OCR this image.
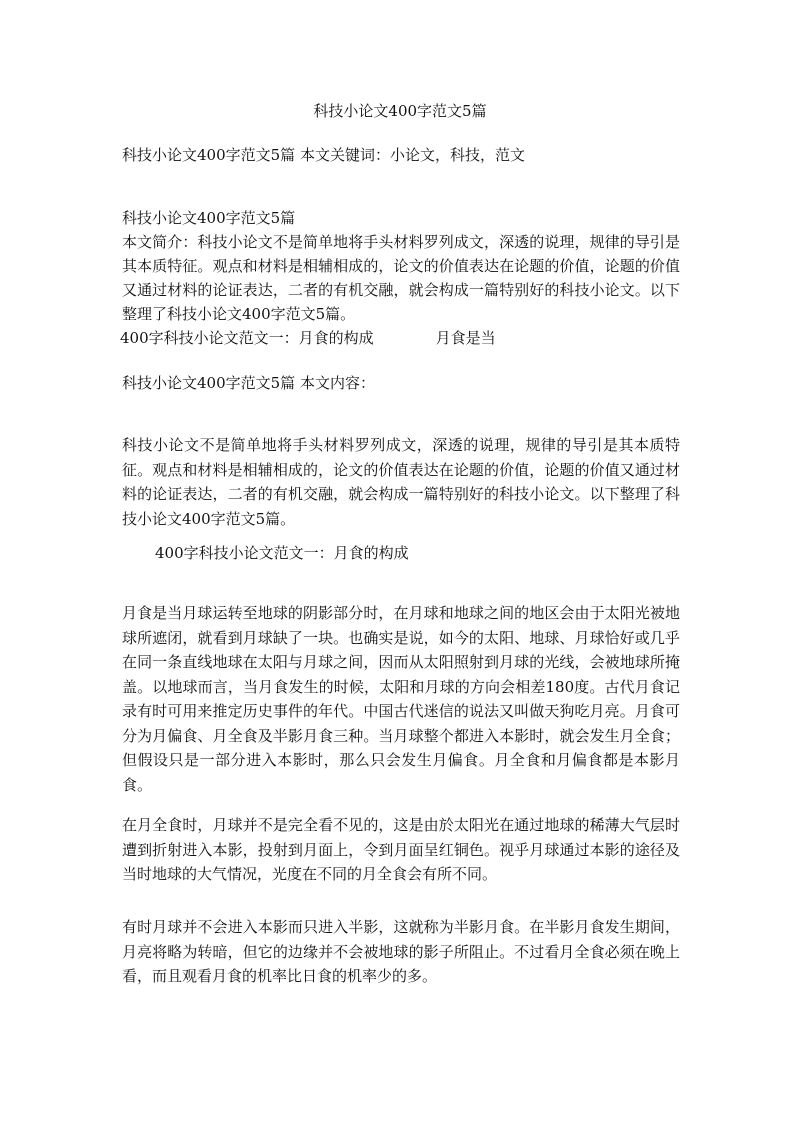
科技小论文400字范文5篇

科技小论文400字范文5篇 本文关键词：小论文，科技，范文

科技小论文400字范文5篇

本文简介：科技小论文不是简单地将手头材料罗列成文，深透的说理，规律的导引是其本质特征。观点和材料是相辅相成的，论文的价值表达在论题的价值，论题的价值又通过材料的论证表达，二者的有机交融，就会构成一篇特别好的科技小论文。以下整理了科技小论文400字范文5篇。

400字科技小论文范文一：月食的构成	月食是当

科技小论文400字范文5篇 本文内容：

科技小论文不是简单地将手头材料罗列成文，深透的说理，规律的导引是其本质特征。观点和材料是相辅相成的，论文的价值表达在论题的价值，论题的价值又通过材料的论证表达，二者的有机交融，就会构成一篇特别好的科技小论文。以下整理了科技小论文400字范文5篇。

400字科技小论文范文一：月食的构成

月食是当月球运转至地球的阴影部分时，在月球和地球之间的地区会由于太阳光被地球所遮闭，就看到月球缺了一块。也确实是说，如今的太阳、地球、月球恰好或几乎在同一条直线地球在太阳与月球之间，因而从太阳照射到月球的光线，会被地球所掩盖。以地球而言，当月食发生的时候，太阳和月球的方向会相差180度。古代月食记录有时可用来推定历史事件的年代。中国古代迷信的说法又叫做天狗吃月亮。月食可分为月偏食、月全食及半影月食三种。当月球整个都进入本影时，就会发生月全食；但假设只是一部分进入本影时，那么只会发生月偏食。月全食和月偏食都是本影月食。

在月全食时，月球并不是完全看不见的，这是由於太阳光在通过地球的稀薄大气层时遭到折射进入本影，投射到月面上，令到月面呈红铜色。视乎月球通过本影的途径及当时地球的大气情况，光度在不同的月全食会有所不同。

有时月球并不会进入本影而只进入半影，这就称为半影月食。在半影月食发生期间，月亮将略为转暗，但它的边缘并不会被地球的影子所阻止。不过看月全食必须在晚上看，而且观看月食的机率比日食的机率少的多。
